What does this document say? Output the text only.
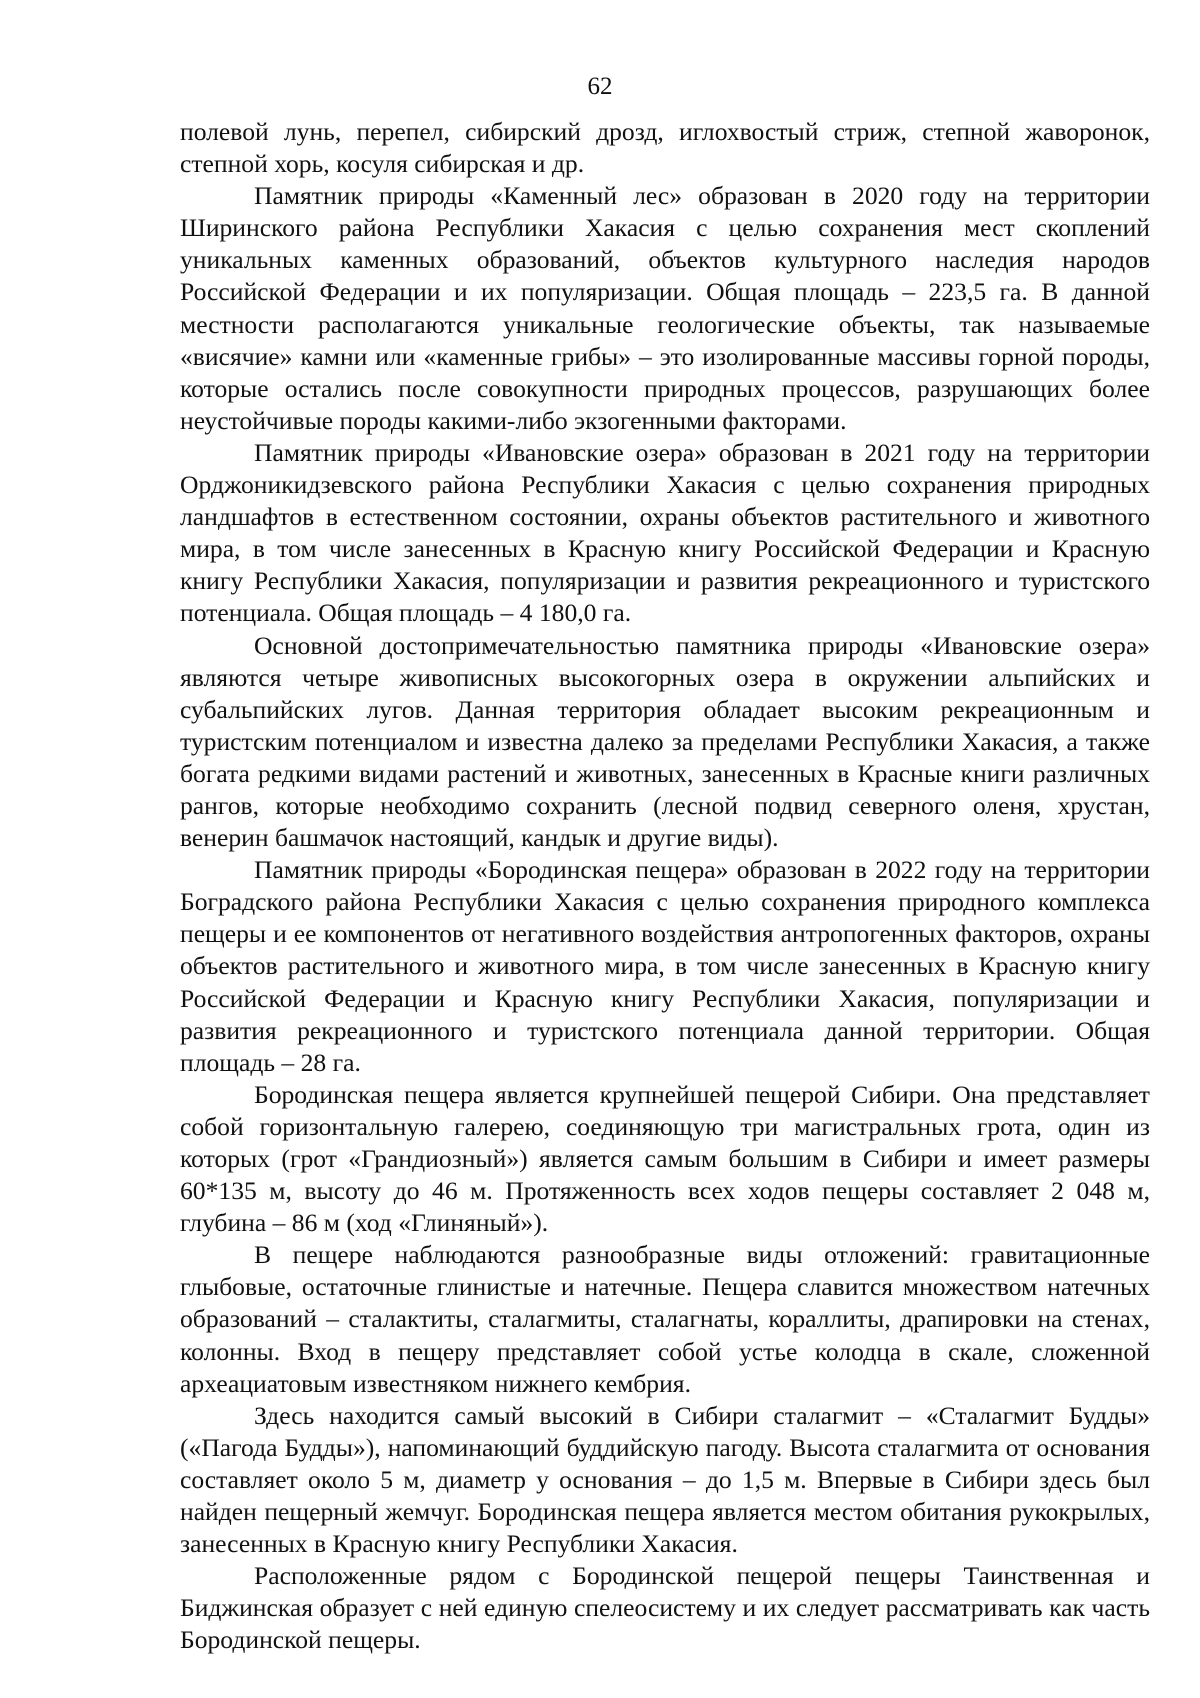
62

полевой лунь, перепел, сибирский дрозд, иглохвостый стриж, степной жаворонок, степной хорь, косуля сибирская и др.

Памятник природы «Каменный лес» образован в 2020 году на территории Ширинского района Республики Хакасия с целью сохранения мест скоплений уникальных каменных образований, объектов культурного наследия народов Российской Федерации и их популяризации. Общая площадь – 223,5 га. В данной местности располагаются уникальные геологические объекты, так называемые «висячие» камни или «каменные грибы» – это изолированные массивы горной породы, которые остались после совокупности природных процессов, разрушающих более неустойчивые породы какими-либо экзогенными факторами.

Памятник природы «Ивановские озера» образован в 2021 году на территории Орджоникидзевского района Республики Хакасия с целью сохранения природных ландшафтов в естественном состоянии, охраны объектов растительного и животного мира, в том числе занесенных в Красную книгу Российской Федерации и Красную книгу Республики Хакасия, популяризации и развития рекреационного и туристского потенциала. Общая площадь – 4 180,0 га.

Основной достопримечательностью памятника природы «Ивановские озера» являются четыре живописных высокогорных озера в окружении альпийских и субальпийских лугов. Данная территория обладает высоким рекреационным и туристским потенциалом и известна далеко за пределами Республики Хакасия, а также богата редкими видами растений и животных, занесенных в Красные книги различных рангов, которые необходимо сохранить (лесной подвид северного оленя, хрустан, венерин башмачок настоящий, кандык и другие виды).

Памятник природы «Бородинская пещера» образован в 2022 году на территории Боградского района Республики Хакасия с целью сохранения природного комплекса пещеры и ее компонентов от негативного воздействия антропогенных факторов, охраны объектов растительного и животного мира, в том числе занесенных в Красную книгу Российской Федерации и Красную книгу Республики Хакасия, популяризации и развития рекреационного и туристского потенциала данной территории. Общая площадь – 28 га.

Бородинская пещера является крупнейшей пещерой Сибири. Она представляет собой горизонтальную галерею, соединяющую три магистральных грота, один из которых (грот «Грандиозный») является самым большим в Сибири и имеет размеры 60*135 м, высоту до 46 м. Протяженность всех ходов пещеры составляет 2 048 м, глубина – 86 м (ход «Глиняный»).

В пещере наблюдаются разнообразные виды отложений: гравитационные глыбовые, остаточные глинистые и натечные. Пещера славится множеством натечных образований – сталактиты, сталагмиты, сталагнаты, кораллиты, драпировки на стенах, колонны. Вход в пещеру представляет собой устье колодца в скале, сложенной археациатовым известняком нижнего кембрия.

Здесь находится самый высокий в Сибири сталагмит – «Сталагмит Будды» («Пагода Будды»), напоминающий буддийскую пагоду. Высота сталагмита от основания составляет около 5 м, диаметр у основания – до 1,5 м. Впервые в Сибири здесь был найден пещерный жемчуг. Бородинская пещера является местом обитания рукокрылых, занесенных в Красную книгу Республики Хакасия.

Расположенные рядом с Бородинской пещерой пещеры Таинственная и Биджинская образует с ней единую спелеосистему и их следует рассматривать как часть Бородинской пещеры.
